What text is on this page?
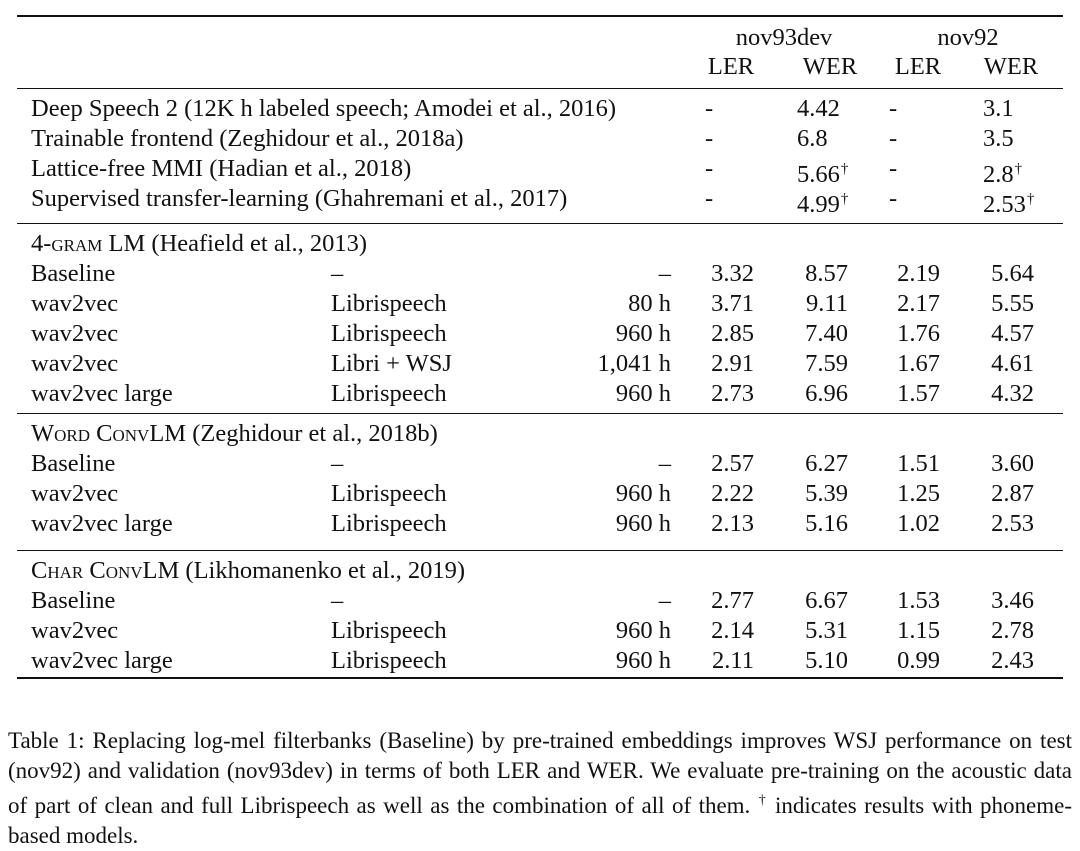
nov93dev	nov92
LER WER LER WER
Deep Speech 2 (12K h labeled speech; Amodei et al., 2016)	-	4.42 -	3.1
Trainable frontend (Zeghidour et al., 2018a)	-	6.8	-	3.5
Lattice-free MMI (Hadian et al., 2018)	-	5.66† -	2.8†
Supervised transfer-learning (Ghahremani et al., 2017)	-	4.99† -	2.53†
4-gram LM (Heafield et al., 2013)
Baseline	–	– 3.32 8.57	2.19	5.64
wav2vec	Librispeech	80 h 3.71	9.11	2.17	5.55
wav2vec	Librispeech	960 h 2.85 7.40	1.76	4.57
wav2vec	Libri + WSJ	1,041 h 2.91 7.59	1.67	4.61
wav2vec large	Librispeech	960 h 2.73 6.96	1.57	4.32
Word ConvLM (Zeghidour et al., 2018b)
Baseline	–	– 2.57 6.27	1.51	3.60
wav2vec	Librispeech	960 h 2.22 5.39	1.25	2.87
wav2vec large	Librispeech	960 h 2.13 5.16	1.02	2.53
Char ConvLM (Likhomanenko et al., 2019)
Baseline	–	– 2.77 6.67	1.53	3.46
wav2vec	Librispeech	960 h 2.14 5.31	1.15	2.78
wav2vec large	Librispeech	960 h	2.11 5.10	0.99	2.43

Table 1: Replacing log-mel filterbanks (Baseline) by pre-trained embeddings improves WSJ performance on test (nov92) and validation (nov93dev) in terms of both LER and WER. We evaluate pre-training on the acoustic data of part of clean and full Librispeech as well as the combination of all of them. † indicates results with phoneme-based models.
